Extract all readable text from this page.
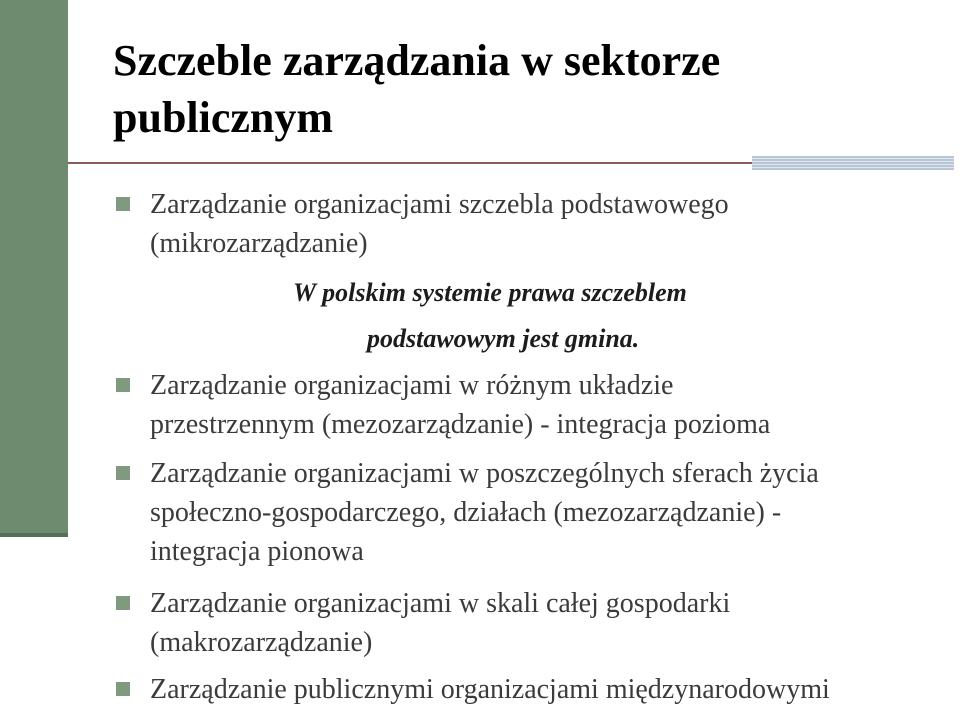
Szczeble zarządzania w sektorze
publicznym
Zarządzanie organizacjami szczebla podstawowego
(mikrozarządzanie)

W polskim systemie prawa szczeblem

podstawowym jest gmina.

Zarządzanie organizacjami w różnym układzie
przestrzennym (mezozarządzanie) - integracja pozioma
Zarządzanie organizacjami w poszczególnych sferach życia
społeczno-gospodarczego, działach (mezozarządzanie) -
integracja pionowa
Zarządzanie organizacjami w skali całej gospodarki
(makrozarządzanie)
Zarządzanie publicznymi organizacjami międzynarodowymi
